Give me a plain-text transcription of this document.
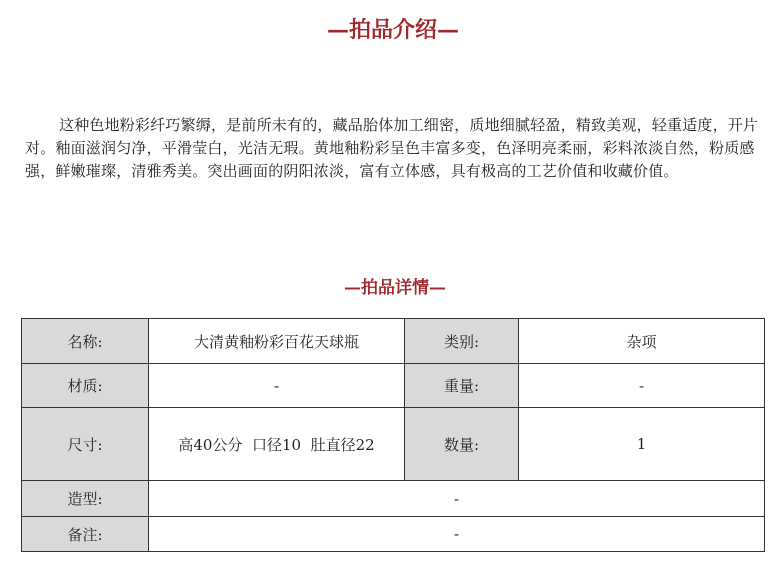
—拍品介绍—

这种色地粉彩纤巧繁缛，是前所未有的，藏品胎体加工细密，质地细腻轻盈，精致美观，轻重适度，开片对。釉面滋润匀净，平滑莹白，光洁无瑕。黄地釉粉彩呈色丰富多变，色泽明亮柔丽，彩料浓淡自然，粉质感强，鲜嫩璀璨，清雅秀美。突出画面的阴阳浓淡，富有立体感，具有极高的工艺价值和收藏价值。

—拍品详情—
名称:	大清黄釉粉彩百花天球瓶	类别:	杂项
材质:	-	重量:	-
尺寸:	高40公分  口径10  肚直径22	数量:	1
造型:	-		
备注:	-		
